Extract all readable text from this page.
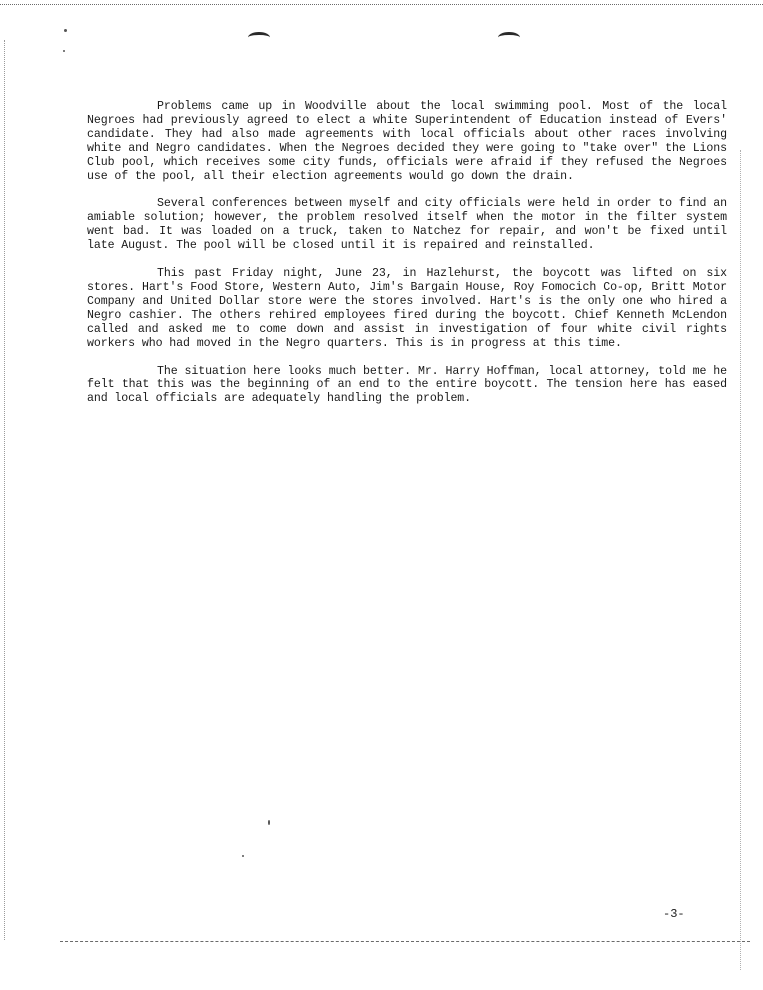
Problems came up in Woodville about the local swimming pool. Most of the local Negroes had previously agreed to elect a white Superintendent of Education instead of Evers' candidate. They had also made agreements with local officials about other races involving white and Negro candidates. When the Negroes decided they were going to "take over" the Lions Club pool, which receives some city funds, officials were afraid if they refused the Negroes use of the pool, all their election agreements would go down the drain.

Several conferences between myself and city officials were held in order to find an amiable solution; however, the problem resolved itself when the motor in the filter system went bad. It was loaded on a truck, taken to Natchez for repair, and won't be fixed until late August. The pool will be closed until it is repaired and reinstalled.

This past Friday night, June 23, in Hazlehurst, the boycott was lifted on six stores. Hart's Food Store, Western Auto, Jim's Bargain House, Roy Fomocich Co-op, Britt Motor Company and United Dollar store were the stores involved. Hart's is the only one who hired a Negro cashier. The others rehired employees fired during the boycott. Chief Kenneth McLendon called and asked me to come down and assist in investigation of four white civil rights workers who had moved in the Negro quarters. This is in progress at this time.

The situation here looks much better. Mr. Harry Hoffman, local attorney, told me he felt that this was the beginning of an end to the entire boycott. The tension here has eased and local officials are adequately handling the problem.

-3-
